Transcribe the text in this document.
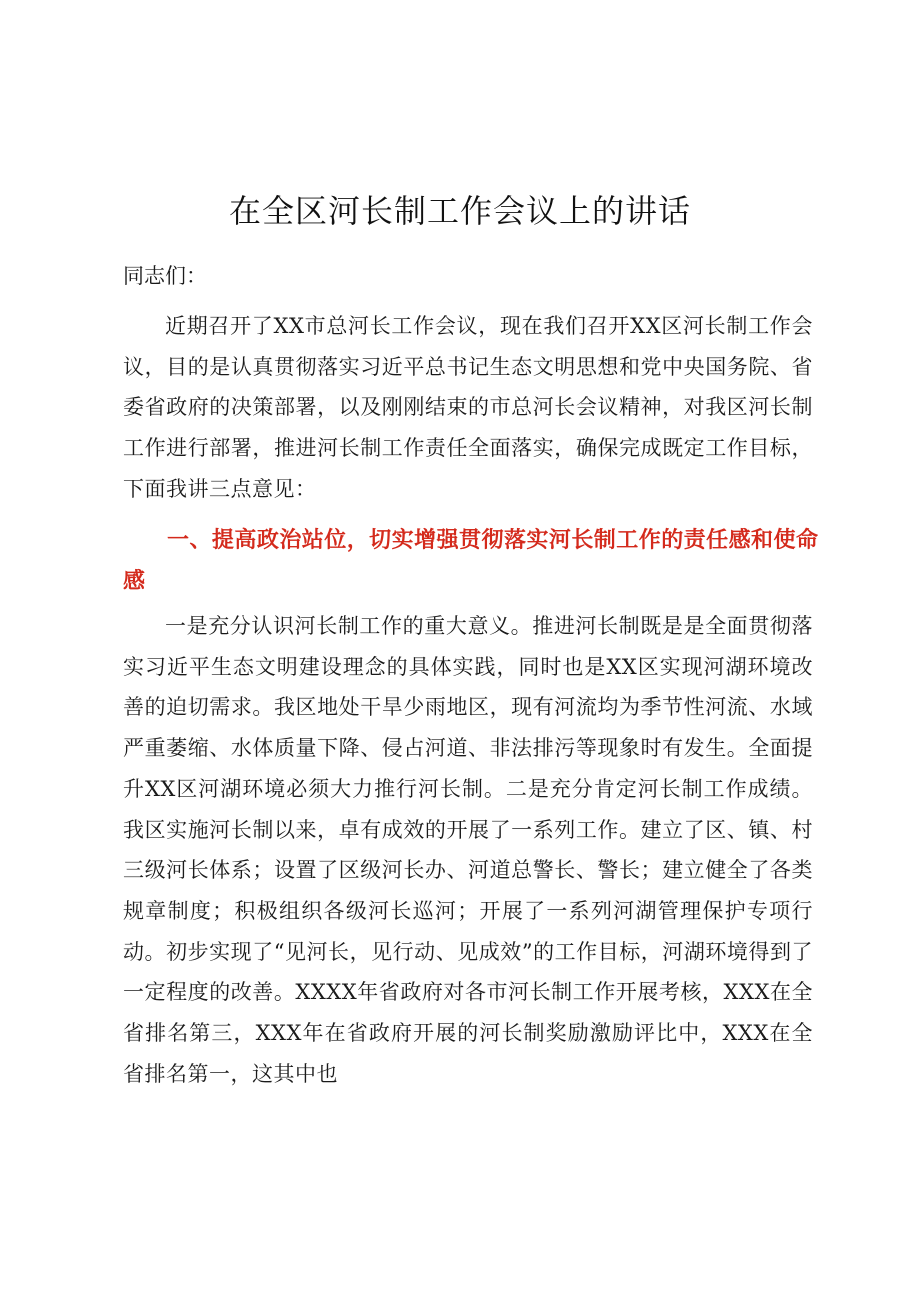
在全区河长制工作会议上的讲话

同志们：

近期召开了XX市总河长工作会议，现在我们召开XX区河长制工作会议，目的是认真贯彻落实习近平总书记生态文明思想和党中央国务院、省委省政府的决策部署，以及刚刚结束的市总河长会议精神，对我区河长制工作进行部署，推进河长制工作责任全面落实，确保完成既定工作目标，下面我讲三点意见：

一、提高政治站位，切实增强贯彻落实河长制工作的责任感和使命感

一是充分认识河长制工作的重大意义。推进河长制既是是全面贯彻落实习近平生态文明建设理念的具体实践，同时也是XX区实现河湖环境改善的迫切需求。我区地处干旱少雨地区，现有河流均为季节性河流、水域严重萎缩、水体质量下降、侵占河道、非法排污等现象时有发生。全面提升XX区河湖环境必须大力推行河长制。二是充分肯定河长制工作成绩。我区实施河长制以来，卓有成效的开展了一系列工作。建立了区、镇、村三级河长体系；设置了区级河长办、河道总警长、警长；建立健全了各类规章制度；积极组织各级河长巡河；开展了一系列河湖管理保护专项行动。初步实现了“见河长，见行动、见成效”的工作目标，河湖环境得到了一定程度的改善。XXXX年省政府对各市河长制工作开展考核，XXX在全省排名第三，XXX年在省政府开展的河长制奖励激励评比中，XXX在全省排名第一，这其中也
